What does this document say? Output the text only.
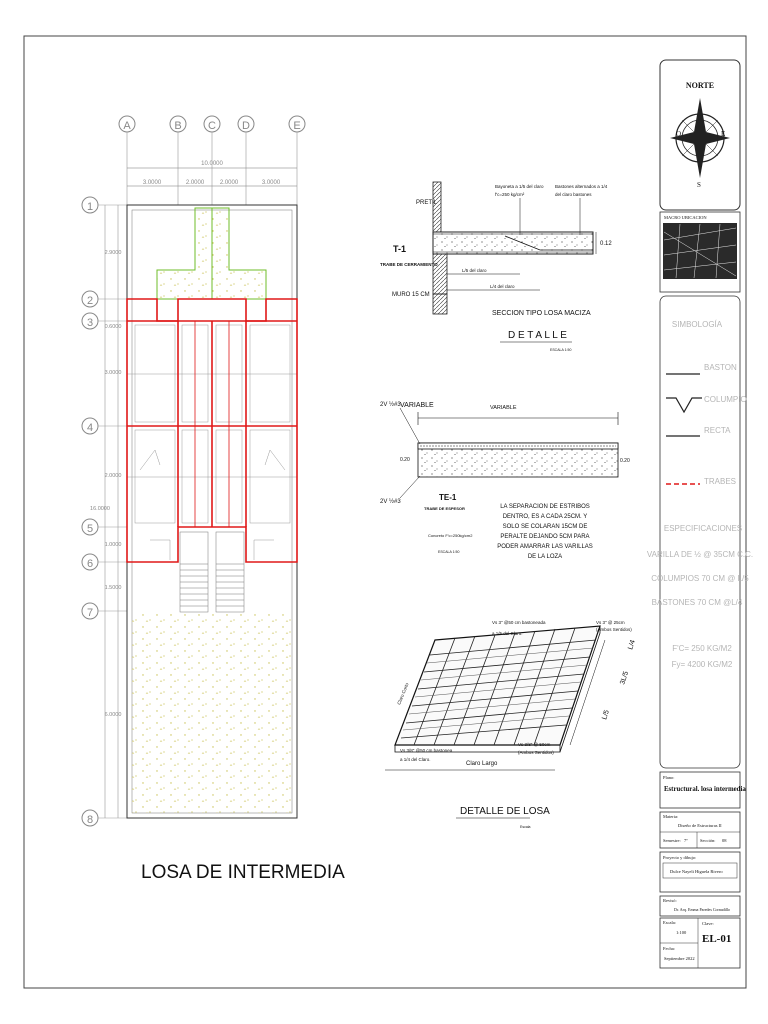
A	B C D	E
10.0000
3.0000	2.0000	2.0000	3.0000
1
2
3
4
5
6
7
8
2.9000
0.6000
3.0000
2.0000
1.0000
1.5000
6.0000
16.0000
LOSA DE INTERMEDIA
PRETIL
T-1
TRABE DE CERRAMIENTO
MURO 15 CM
Bayoneta a 1/5 del claro
f'c=250 kg/cm²
Bastones alternados a 1/4
del claro bastones
L/5 del claro
L/4 del claro
0.12
SECCION TIPO LOSA MACIZA
D E T A L L E
ESCALA 1:50
VARIABLE	VARIABLE
2V ½#3
2V ½#3
0.20	0.20
TE-1
TRABE DE ESPESOR
Concreto F'c=250kg/cm2
ESCALA 1:50
LA SEPARACION DE ESTRIBOS
DENTRO, ES A CADA 25CM. Y
SOLO SE COLARAN 15CM DE
PERALTE DEJANDO 5CM PARA
PODER AMARRAR LAS VARILLAS
DE LA LOZA
Vs 3" @50 cm bastoneada
a 1/5 del Claro.
Vs 3" @ 25cm
(Ambos Sentidos)
Vs 3/8" @50 cm bastonea
a 1/4 del Claro.
Vs 3/8" @ 50cm
(Ambos Sentidos)
Claro Largo
Claro Corto
L/4
3L/5
L/5
DETALLE DE LOSA
Escala
NORTE
O	E
S
MACRO UBICACION
SIMBOLOGÍA
BASTON
COLUMPIO
RECTA
TRABES
ESPECIFICACIONES
VARILLA DE ½ @ 35CM C.C.
COLUMPIOS 70 CM @ L/5
BASTONES 70 CM @L/4
F'C= 250 KG/M2
Fy= 4200 KG/M2
Plano:
Estructural. losa intermedia
Materia:
Diseño de Estructuras II
Semestre: 7º	Sección: 08
Proyecto y dibujo:
Dulce Nayeli Higuela Rivero
Revisó:
Dr. Arq. Emma Paredes Cornadillo
Escala:
1:100
Clave:
EL-01
Fecha:
Septiembre 2022
